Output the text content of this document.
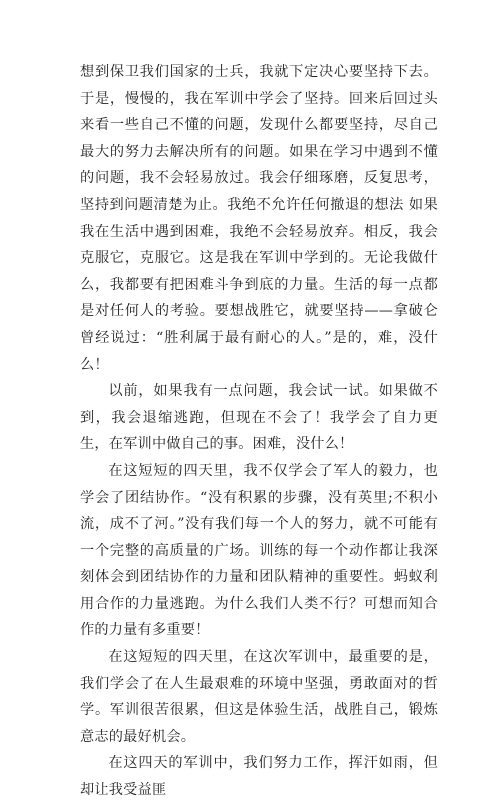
想到保卫我们国家的士兵，我就下定决心要坚持下去。于是，慢慢的，我在军训中学会了坚持。回来后回过头来看一些自己不懂的问题，发现什么都要坚持，尽自己最大的努力去解决所有的问题。如果在学习中遇到不懂的问题，我不会轻易放过。我会仔细琢磨，反复思考，坚持到问题清楚为止。我绝不允许任何撤退的想法 如果我在生活中遇到困难，我绝不会轻易放弃。相反，我会克服它，克服它。这是我在军训中学到的。无论我做什么，我都要有把困难斗争到底的力量。生活的每一点都是对任何人的考验。要想战胜它，就要坚持——拿破仑曾经说过：“胜利属于最有耐心的人。”是的，难，没什么！

以前，如果我有一点问题，我会试一试。如果做不到，我会退缩逃跑，但现在不会了！我学会了自力更生，在军训中做自己的事。困难，没什么！

在这短短的四天里，我不仅学会了军人的毅力，也学会了团结协作。“没有积累的步骤，没有英里;不积小流，成不了河。”没有我们每一个人的努力，就不可能有一个完整的高质量的广场。训练的每一个动作都让我深刻体会到团结协作的力量和团队精神的重要性。蚂蚁利用合作的力量逃跑。为什么我们人类不行？可想而知合作的力量有多重要！

在这短短的四天里，在这次军训中，最重要的是，我们学会了在人生最艰难的环境中坚强，勇敢面对的哲学。军训很苦很累，但这是体验生活，战胜自己，锻炼意志的最好机会。

在这四天的军训中，我们努力工作，挥汗如雨，但却让我受益匪
